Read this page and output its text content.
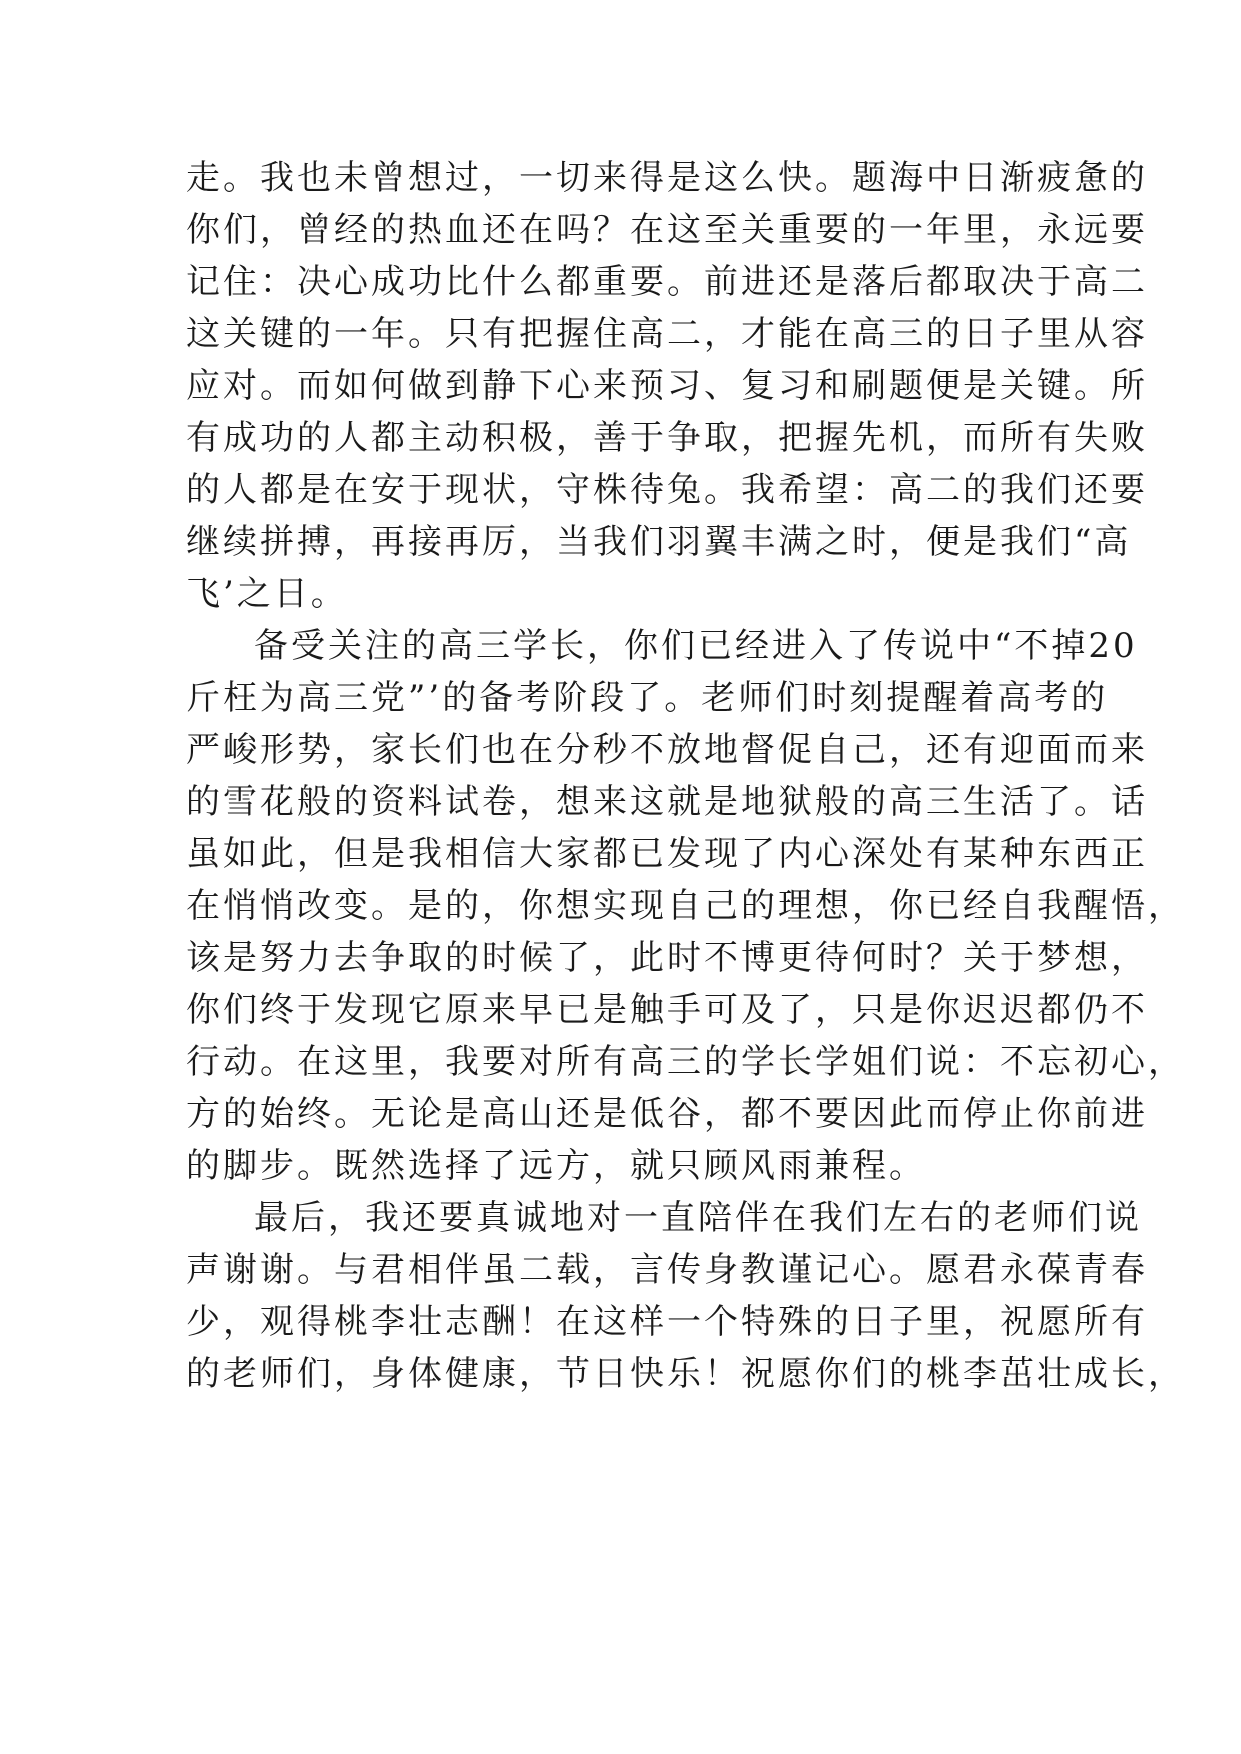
走。我也未曾想过，一切来得是这么快。题海中日渐疲惫的
你们，曾经的热血还在吗？在这至关重要的一年里，永远要
记住：决心成功比什么都重要。前进还是落后都取决于高二
这关键的一年。只有把握住高二，才能在高三的日子里从容
应对。而如何做到静下心来预习、复习和刷题便是关键。所
有成功的人都主动积极，善于争取，把握先机，而所有失败
的人都是在安于现状，守株待兔。我希望：高二的我们还要
继续拼搏，再接再厉，当我们羽翼丰满之时，便是我们“高
飞’之日。
备受关注的高三学长，你们已经进入了传说中“不掉20
斤枉为高三党”’的备考阶段了。老师们时刻提醒着高考的
严峻形势，家长们也在分秒不放地督促自己，还有迎面而来
的雪花般的资料试卷，想来这就是地狱般的高三生活了。话
虽如此，但是我相信大家都已发现了内心深处有某种东西正
在悄悄改变。是的，你想实现自己的理想，你已经自我醒悟，
该是努力去争取的时候了，此时不博更待何时？关于梦想，
你们终于发现它原来早已是触手可及了，只是你迟迟都仍不
行动。在这里，我要对所有高三的学长学姐们说：不忘初心，
方的始终。无论是高山还是低谷，都不要因此而停止你前进
的脚步。既然选择了远方，就只顾风雨兼程。
最后，我还要真诚地对一直陪伴在我们左右的老师们说
声谢谢。与君相伴虽二载，言传身教谨记心。愿君永葆青春
少，观得桃李壮志酬！在这样一个特殊的日子里，祝愿所有
的老师们，身体健康，节日快乐！祝愿你们的桃李茁壮成长，
